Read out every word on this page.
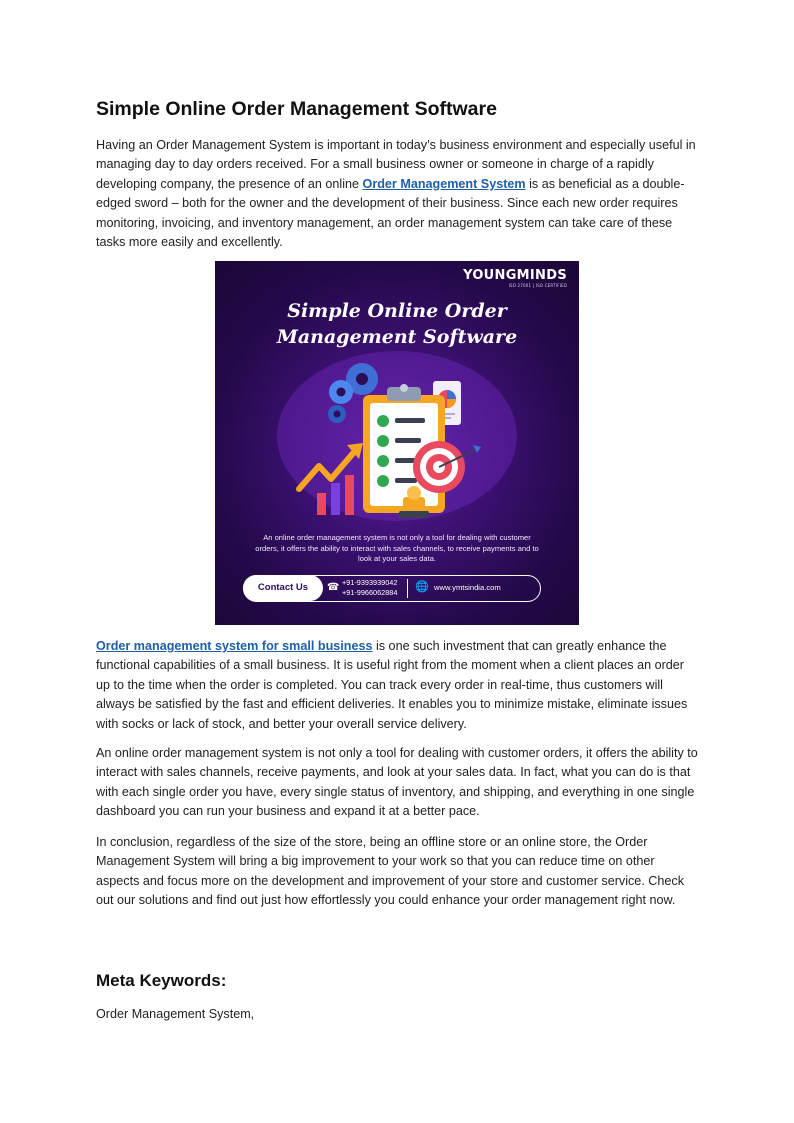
Simple Online Order Management Software

Having an Order Management System is important in today’s business environment and especially useful in managing day to day orders received. For a small business owner or someone in charge of a rapidly developing company, the presence of an online Order Management System is as beneficial as a double-edged sword – both for the owner and the development of their business. Since each new order requires monitoring, invoicing, and inventory management, an order management system can take care of these tasks more easily and excellently.

Order management system for small business is one such investment that can greatly enhance the functional capabilities of a small business. It is useful right from the moment when a client places an order up to the time when the order is completed. You can track every order in real-time, thus customers will always be satisfied by the fast and efficient deliveries. It enables you to minimize mistake, eliminate issues with socks or lack of stock, and better your overall service delivery.

An online order management system is not only a tool for dealing with customer orders, it offers the ability to interact with sales channels, receive payments, and look at your sales data. In fact, what you can do is that with each single order you have, every single status of inventory, and shipping, and everything in one single dashboard you can run your business and expand it at a better pace.

In conclusion, regardless of the size of the store, being an offline store or an online store, the Order Management System will bring a big improvement to your work so that you can reduce time on other aspects and focus more on the development and improvement of your store and customer service. Check out our solutions and find out just how effortlessly you could enhance your order management right now.

Meta Keywords:

Order Management System,

YOUNGMINDS
ISO 27001 | ISO CERTIFIED
Simple Online Order
Management Software
An online order management system is not only a tool for dealing with customer orders, it offers the ability to interact with sales channels, to receive payments and to look at your sales data.
Contact Us	☎ +91-9393939042
+91-9966062884 🌐 www.ymtsindia.com
